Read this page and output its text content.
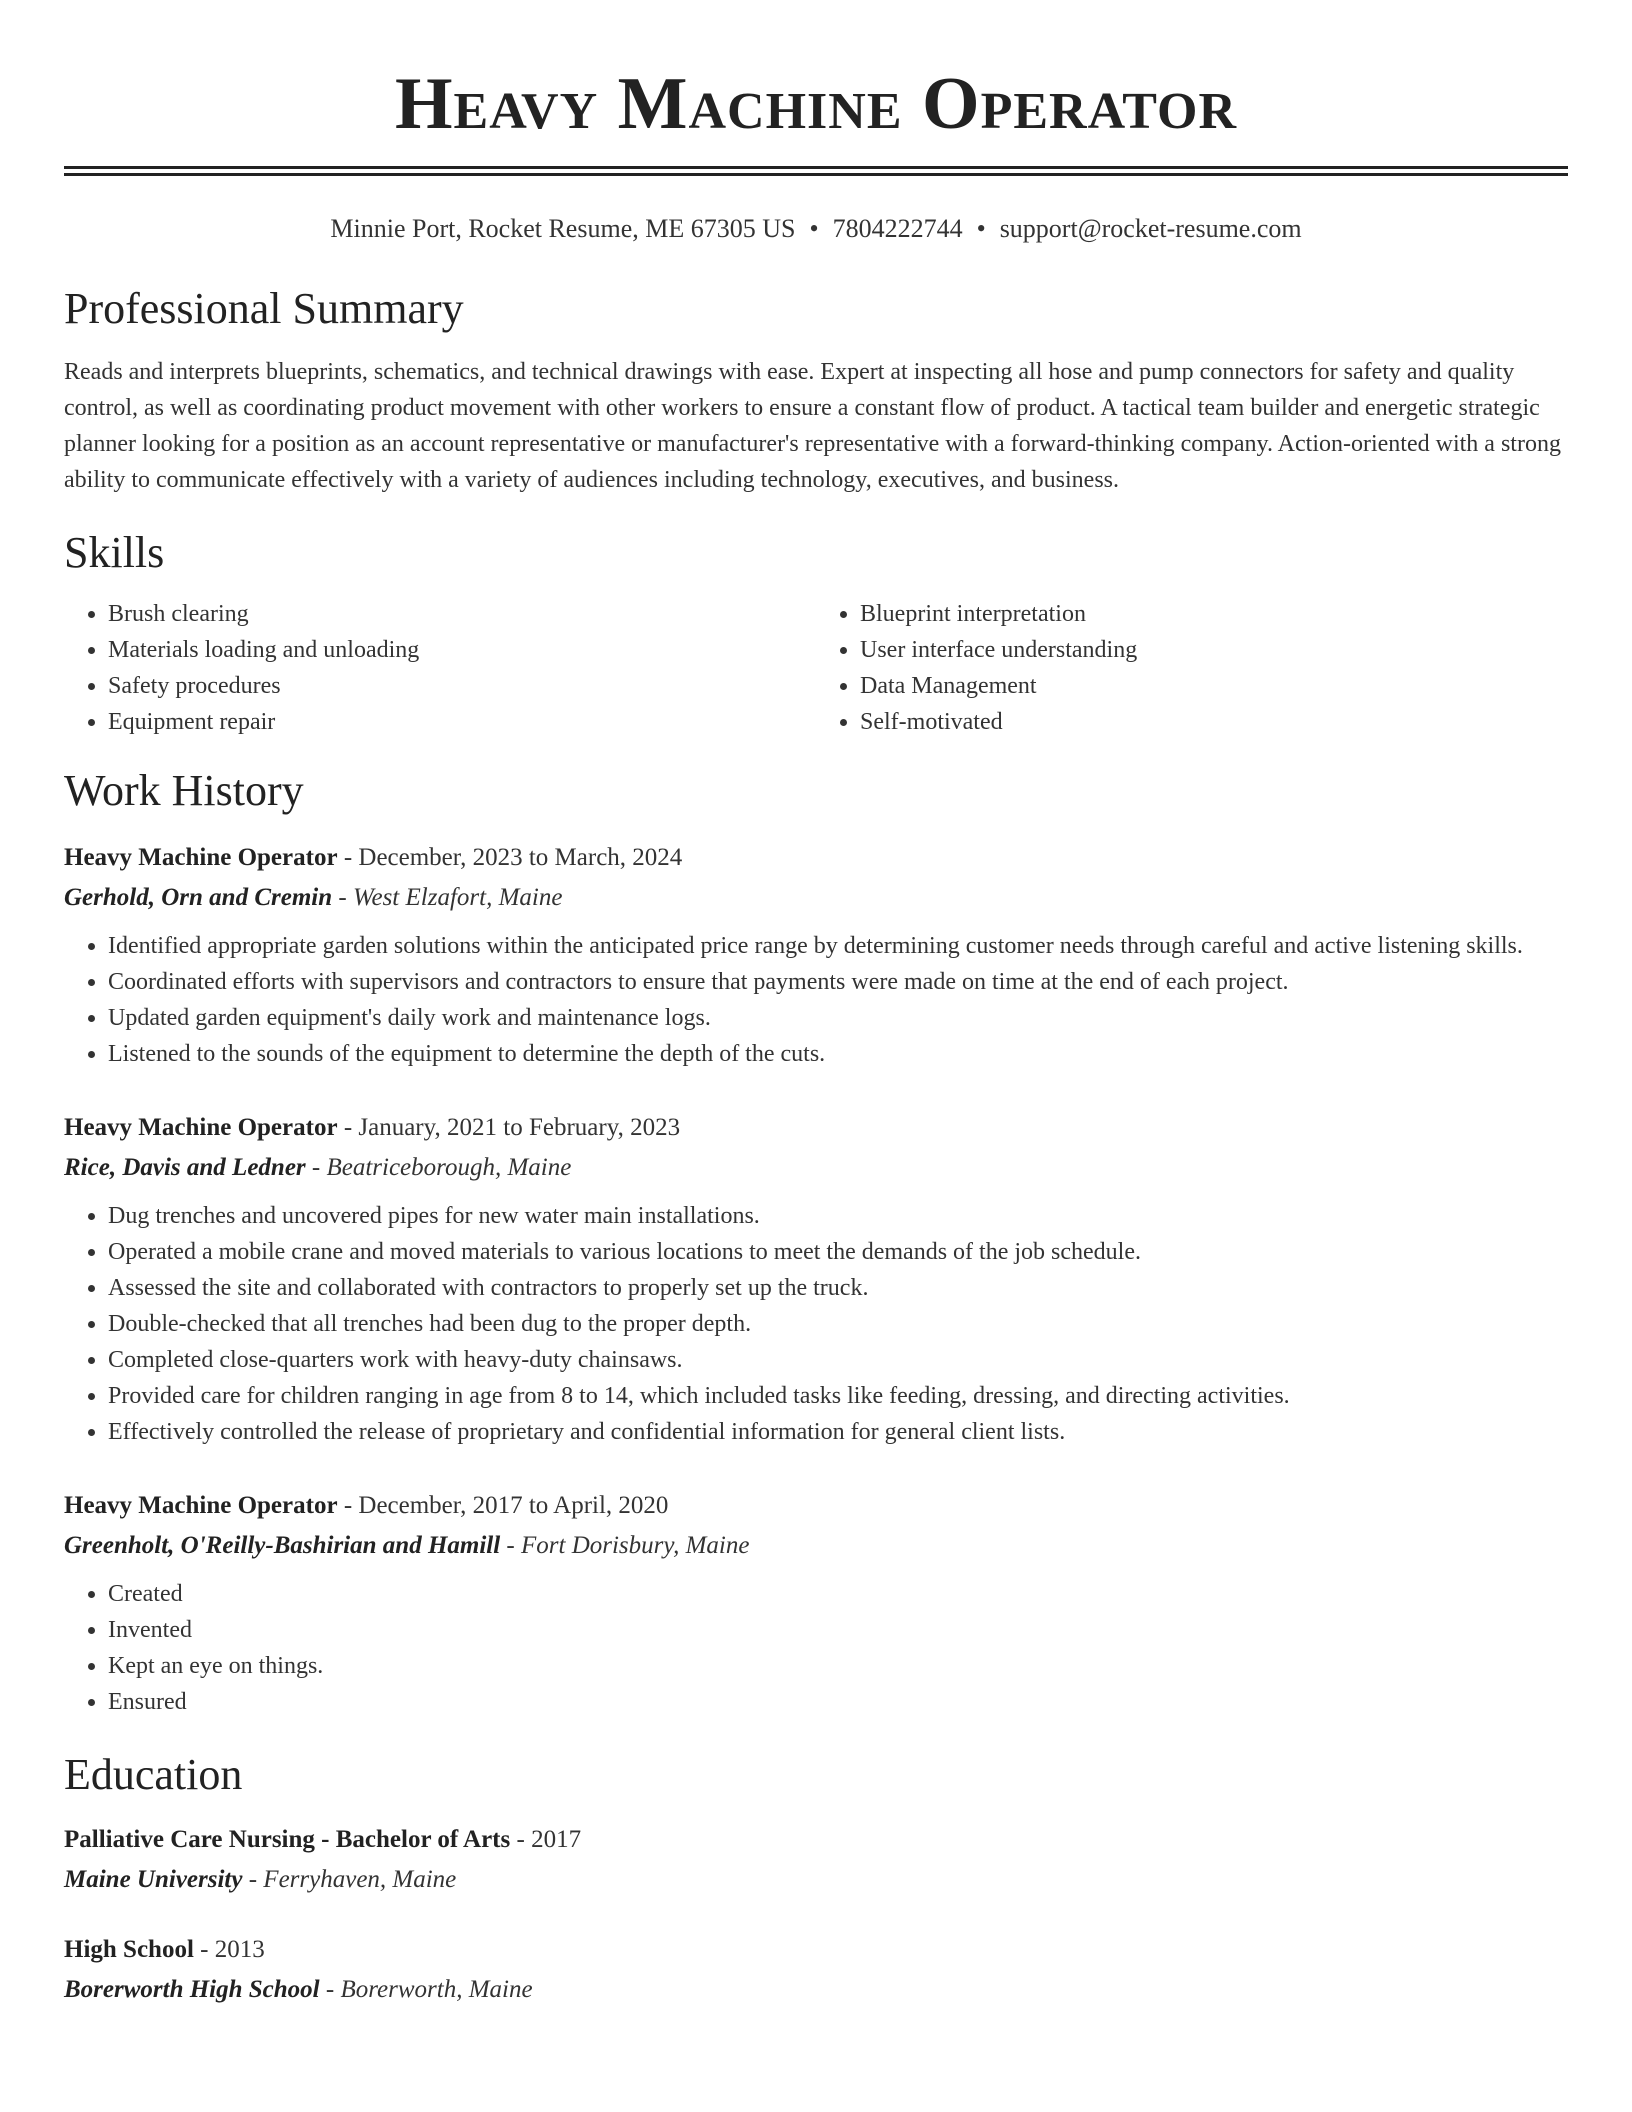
Heavy Machine Operator
Minnie Port, Rocket Resume, ME 67305 US • 7804222744 • support@rocket-resume.com
Professional Summary

Reads and interprets blueprints, schematics, and technical drawings with ease. Expert at inspecting all hose and pump connectors for safety and quality control, as well as coordinating product movement with other workers to ensure a constant flow of product. A tactical team builder and energetic strategic planner looking for a position as an account representative or manufacturer's representative with a forward-thinking company. Action-oriented with a strong ability to communicate effectively with a variety of audiences including technology, executives, and business.

Skills
• Brush clearing
• Materials loading and unloading
• Safety procedures
• Equipment repair
• Blueprint interpretation
• User interface understanding
• Data Management
• Self-motivated
Work History
Heavy Machine Operator - December, 2023 to March, 2024
Gerhold, Orn and Cremin - West Elzafort, Maine
• Identified appropriate garden solutions within the anticipated price range by determining customer needs through careful and active listening skills.
• Coordinated efforts with supervisors and contractors to ensure that payments were made on time at the end of each project.
• Updated garden equipment's daily work and maintenance logs.
• Listened to the sounds of the equipment to determine the depth of the cuts.
Heavy Machine Operator - January, 2021 to February, 2023
Rice, Davis and Ledner - Beatriceborough, Maine
• Dug trenches and uncovered pipes for new water main installations.
• Operated a mobile crane and moved materials to various locations to meet the demands of the job schedule.
• Assessed the site and collaborated with contractors to properly set up the truck.
• Double-checked that all trenches had been dug to the proper depth.
• Completed close-quarters work with heavy-duty chainsaws.
• Provided care for children ranging in age from 8 to 14, which included tasks like feeding, dressing, and directing activities.
• Effectively controlled the release of proprietary and confidential information for general client lists.
Heavy Machine Operator - December, 2017 to April, 2020
Greenholt, O'Reilly-Bashirian and Hamill - Fort Dorisbury, Maine
• Created
• Invented
• Kept an eye on things.
• Ensured
Education
Palliative Care Nursing - Bachelor of Arts - 2017
Maine University - Ferryhaven, Maine
High School - 2013
Borerworth High School - Borerworth, Maine
